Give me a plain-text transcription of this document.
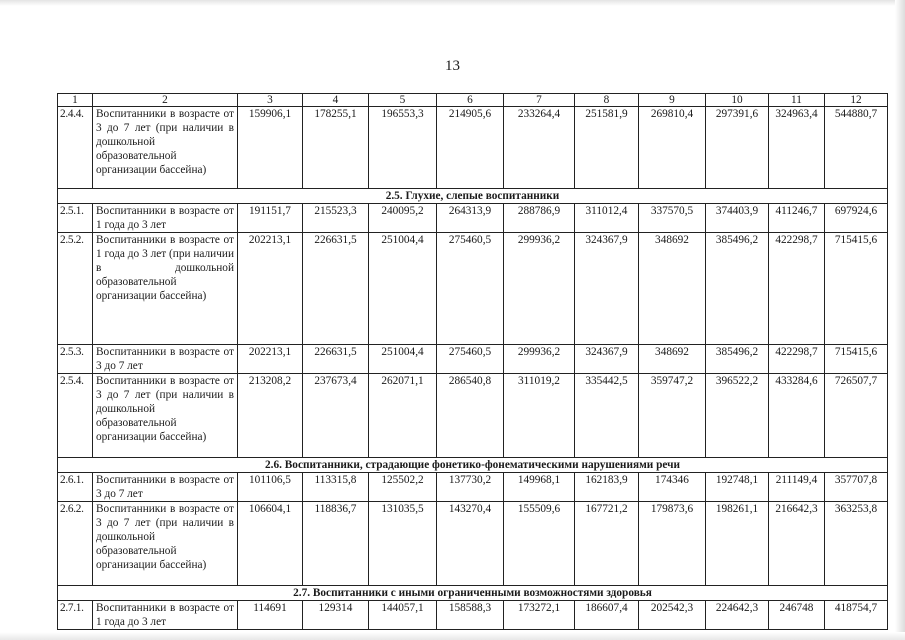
13
1	2	3	4	5	6	7	8	9	10	11	12
2.4.4.	Воспитанники в возрасте от 3 до 7 лет (при наличии в дошкольной образовательной организации бассейна)	159906,1	178255,1	196553,3	214905,6	233264,4	251581,9	269810,4	297391,6	324963,4	544880,7
2.5. Глухие, слепые воспитанники											
2.5.1.	Воспитанники в возрасте от 1 года до 3 лет	191151,7	215523,3	240095,2	264313,9	288786,9	311012,4	337570,5	374403,9	411246,7	697924,6
2.5.2.	Воспитанники в возрасте от 1 года до 3 лет (при наличии в дошкольной образовательной организации бассейна)	202213,1	226631,5	251004,4	275460,5	299936,2	324367,9	348692	385496,2	422298,7	715415,6
2.5.3.	Воспитанники в возрасте от 3 до 7 лет	202213,1	226631,5	251004,4	275460,5	299936,2	324367,9	348692	385496,2	422298,7	715415,6
2.5.4.	Воспитанники в возрасте от 3 до 7 лет (при наличии в дошкольной образовательной организации бассейна)	213208,2	237673,4	262071,1	286540,8	311019,2	335442,5	359747,2	396522,2	433284,6	726507,7
2.6. Воспитанники, страдающие фонетико-фонематическими нарушениями речи											
2.6.1.	Воспитанники в возрасте от 3 до 7 лет	101106,5	113315,8	125502,2	137730,2	149968,1	162183,9	174346	192748,1	211149,4	357707,8
2.6.2.	Воспитанники в возрасте от 3 до 7 лет (при наличии в дошкольной образовательной организации бассейна)	106604,1	118836,7	131035,5	143270,4	155509,6	167721,2	179873,6	198261,1	216642,3	363253,8
2.7. Воспитанники с иными ограниченными возможностями здоровья											
2.7.1.	Воспитанники в возрасте от 1 года до 3 лет	114691	129314	144057,1	158588,3	173272,1	186607,4	202542,3	224642,3	246748	418754,7
